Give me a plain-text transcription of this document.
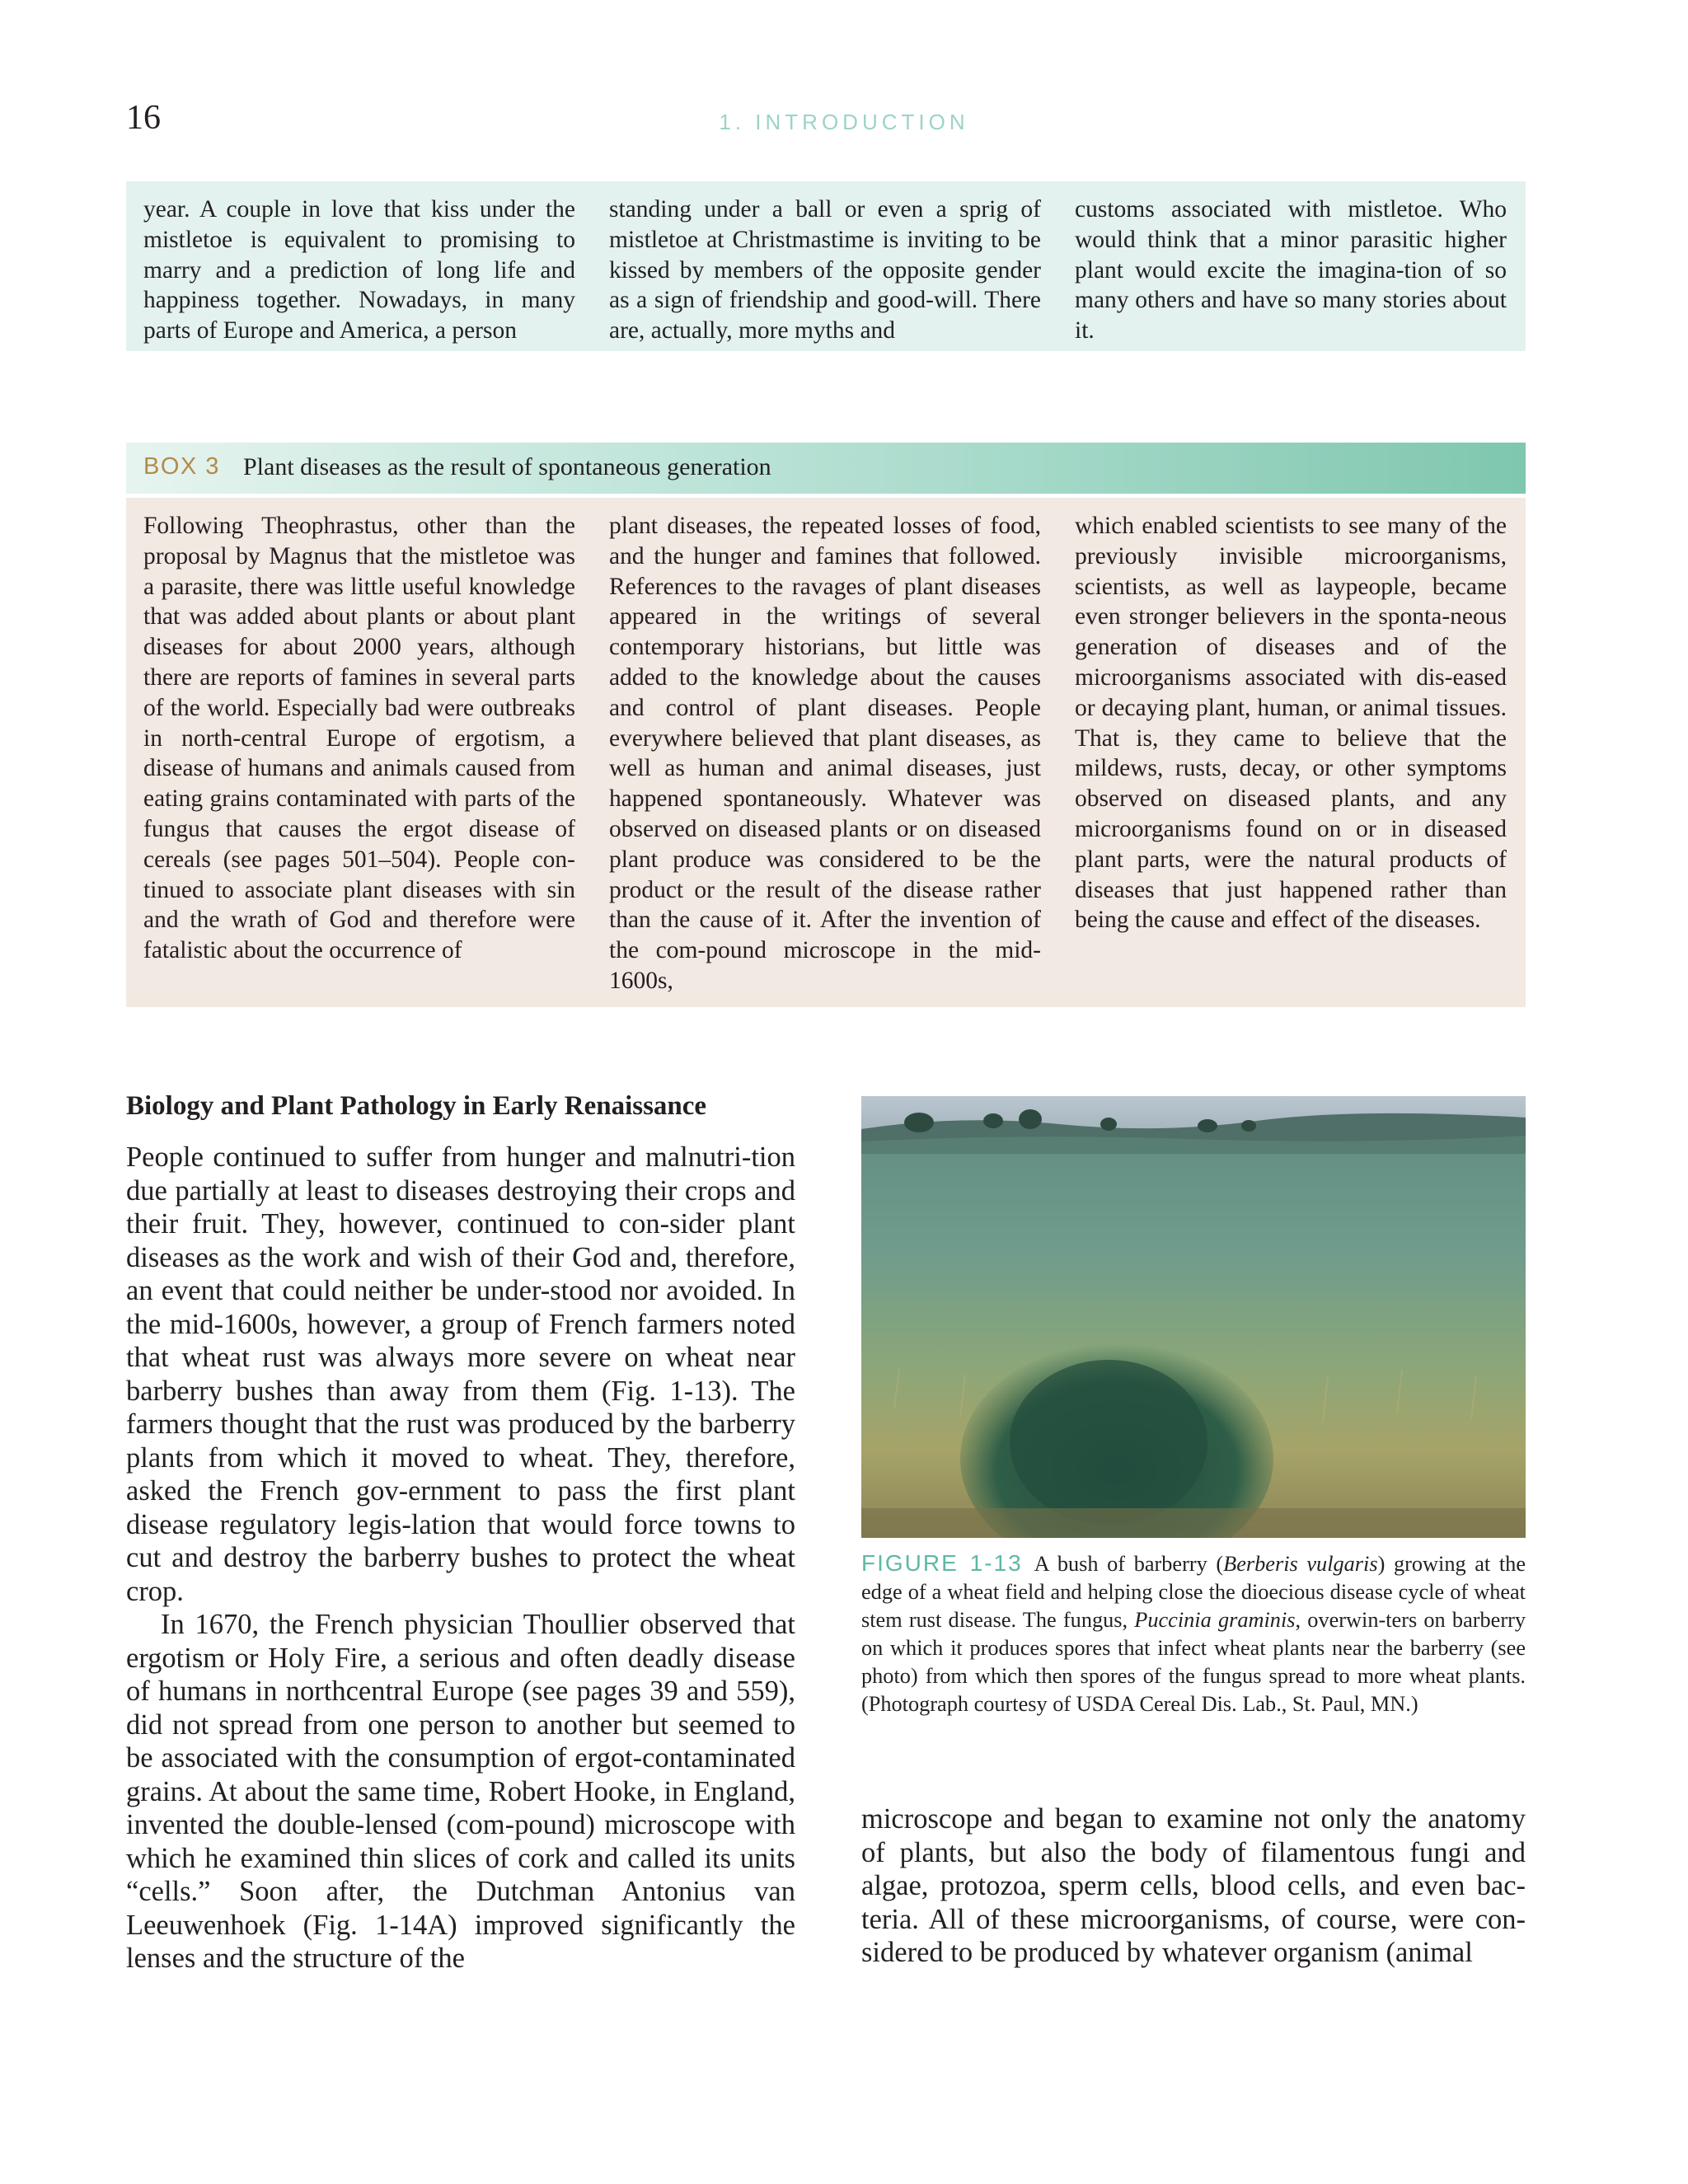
16	1. INTRODUCTION

year. A couple in love that kiss under the mistletoe is equivalent to promising to marry and a prediction of long life and happiness together. Nowadays, in many parts of Europe and America, a person

standing under a ball or even a sprig of mistletoe at Christmastime is inviting to be kissed by members of the opposite gender as a sign of friendship and good-will. There are, actually, more myths and

customs associated with mistletoe. Who would think that a minor parasitic higher plant would excite the imagina-tion of so many others and have so many stories about it.

BOX 3 Plant diseases as the result of spontaneous generation

Following Theophrastus, other than the proposal by Magnus that the mistletoe was a parasite, there was little useful knowledge that was added about plants or about plant diseases for about 2000 years, although there are reports of famines in several parts of the world. Especially bad were outbreaks in north-central Europe of ergotism, a disease of humans and animals caused from eating grains contaminated with parts of the fungus that causes the ergot disease of cereals (see pages 501–504). People con-tinued to associate plant diseases with sin and the wrath of God and therefore were fatalistic about the occurrence of

plant diseases, the repeated losses of food, and the hunger and famines that followed. References to the ravages of plant diseases appeared in the writings of several contemporary historians, but little was added to the knowledge about the causes and control of plant diseases. People everywhere believed that plant diseases, as well as human and animal diseases, just happened spontaneously. Whatever was observed on diseased plants or on diseased plant produce was considered to be the product or the result of the disease rather than the cause of it. After the invention of the com-pound microscope in the mid-1600s,

which enabled scientists to see many of the previously invisible microorganisms, scientists, as well as laypeople, became even stronger believers in the sponta-neous generation of diseases and of the microorganisms associated with dis-eased or decaying plant, human, or animal tissues. That is, they came to believe that the mildews, rusts, decay, or other symptoms observed on diseased plants, and any microorganisms found on or in diseased plant parts, were the natural products of diseases that just happened rather than being the cause and effect of the diseases.

Biology and Plant Pathology in Early Renaissance

People continued to suffer from hunger and malnutri-tion due partially at least to diseases destroying their crops and their fruit. They, however, continued to con-sider plant diseases as the work and wish of their God and, therefore, an event that could neither be under-stood nor avoided. In the mid-1600s, however, a group of French farmers noted that wheat rust was always more severe on wheat near barberry bushes than away from them (Fig. 1-13). The farmers thought that the rust was produced by the barberry plants from which it moved to wheat. They, therefore, asked the French gov-ernment to pass the first plant disease regulatory legis-lation that would force towns to cut and destroy the barberry bushes to protect the wheat crop.

In 1670, the French physician Thoullier observed that ergotism or Holy Fire, a serious and often deadly disease of humans in northcentral Europe (see pages 39 and 559), did not spread from one person to another but seemed to be associated with the consumption of ergot-contaminated grains. At about the same time, Robert Hooke, in England, invented the double-lensed (com-pound) microscope with which he examined thin slices of cork and called its units “cells.” Soon after, the Dutchman Antonius van Leeuwenhoek (Fig. 1-14A) improved significantly the lenses and the structure of the

FIGURE 1-13 A bush of barberry (Berberis vulgaris) growing at the edge of a wheat field and helping close the dioecious disease cycle of wheat stem rust disease. The fungus, Puccinia graminis, overwin-ters on barberry on which it produces spores that infect wheat plants near the barberry (see photo) from which then spores of the fungus spread to more wheat plants. (Photograph courtesy of USDA Cereal Dis. Lab., St. Paul, MN.)

microscope and began to examine not only the anatomy of plants, but also the body of filamentous fungi and algae, protozoa, sperm cells, blood cells, and even bac-teria. All of these microorganisms, of course, were con-sidered to be produced by whatever organism (animal
